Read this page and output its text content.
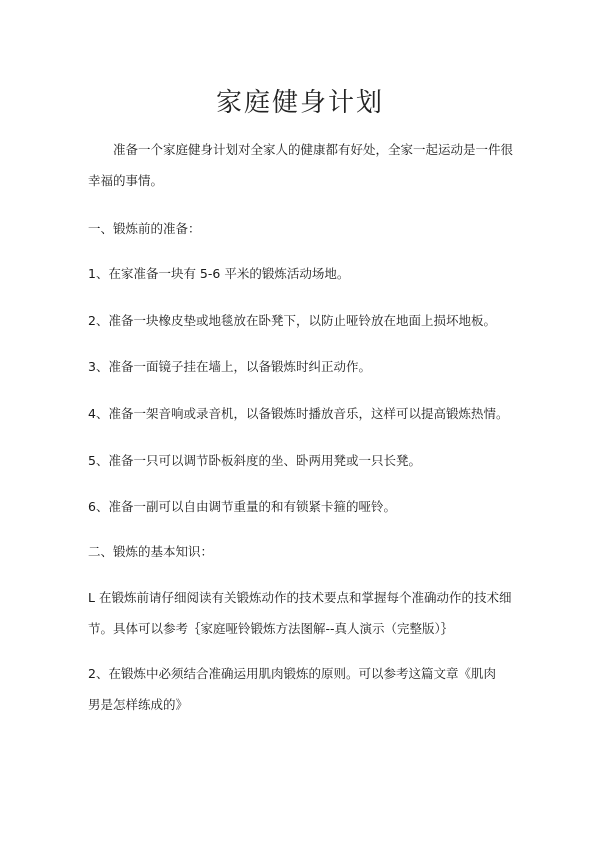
家庭健身计划
准备一个家庭健身计划对全家人的健康都有好处，全家一起运动是一件很
幸福的事情。
一、锻炼前的准备：
1、在家准备一块有 5-6 平米的锻炼活动场地。
2、准备一块橡皮垫或地毯放在卧凳下，以防止哑铃放在地面上损坏地板。
3、准备一面镜子挂在墙上，以备锻炼时纠正动作。
4、准备一架音响或录音机，以备锻炼时播放音乐，这样可以提高锻炼热情。
5、准备一只可以调节卧板斜度的坐、卧两用凳或一只长凳。
6、准备一副可以自由调节重量的和有锁紧卡箍的哑铃。
二、锻炼的基本知识：
L 在锻炼前请仔细阅读有关锻炼动作的技术要点和掌握每个准确动作的技术细
节。具体可以参考｛家庭哑铃锻炼方法图解--真人演示（完整版）｝
2、在锻炼中必须结合准确运用肌肉锻炼的原则。可以参考这篇文章《肌肉
男是怎样练成的》
